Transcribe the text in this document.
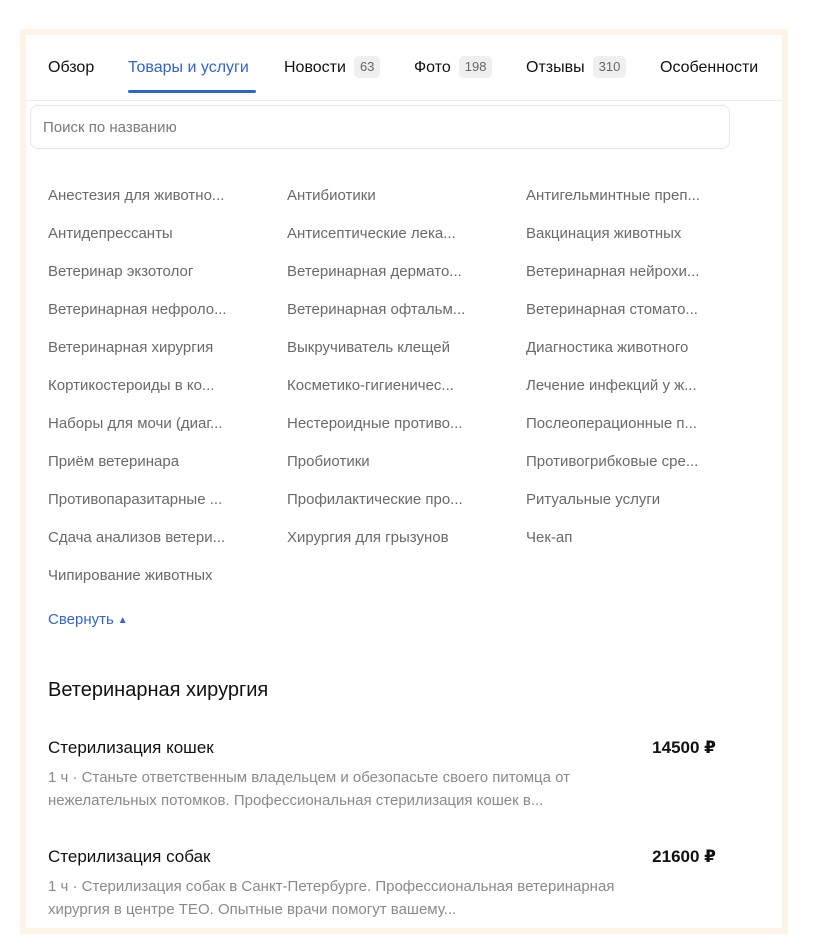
Обзор Товары и услуги Новости 63	Фото 198	Отзывы 310	Особенности
Поиск по названию
Анестезия для животно...	Антибиотики	Антигельминтные преп...
Антидепрессанты	Антисептические лека...	Вакцинация животных
Ветеринар экзотолог	Ветеринарная дермато...	Ветеринарная нейрохи...
Ветеринарная нефроло...	Ветеринарная офтальм...	Ветеринарная стомато...
Ветеринарная хирургия	Выкручиватель клещей	Диагностика животного
Кортикостероиды в ко...	Косметико-гигиеничес...	Лечение инфекций у ж...
Наборы для мочи (диаг...	Нестероидные противо...	Послеоперационные п...
Приём ветеринара	Пробиотики	Противогрибковые сре...
Противопаразитарные ...	Профилактические про...	Ритуальные услуги
Сдача анализов ветери...	Хирургия для грызунов	Чек-ап
Чипирование животных
Свернуть ▲
Ветеринарная хирургия
Стерилизация кошек	14500 ₽
1 ч · Станьте ответственным владельцем и обезопасьте своего питомца от нежелательных потомков. Профессиональная стерилизация кошек в...
Стерилизация собак	21600 ₽
1 ч · Стерилизация собак в Санкт-Петербурге. Профессиональная ветеринарная хирургия в центре ТЕО. Опытные врачи помогут вашему...
